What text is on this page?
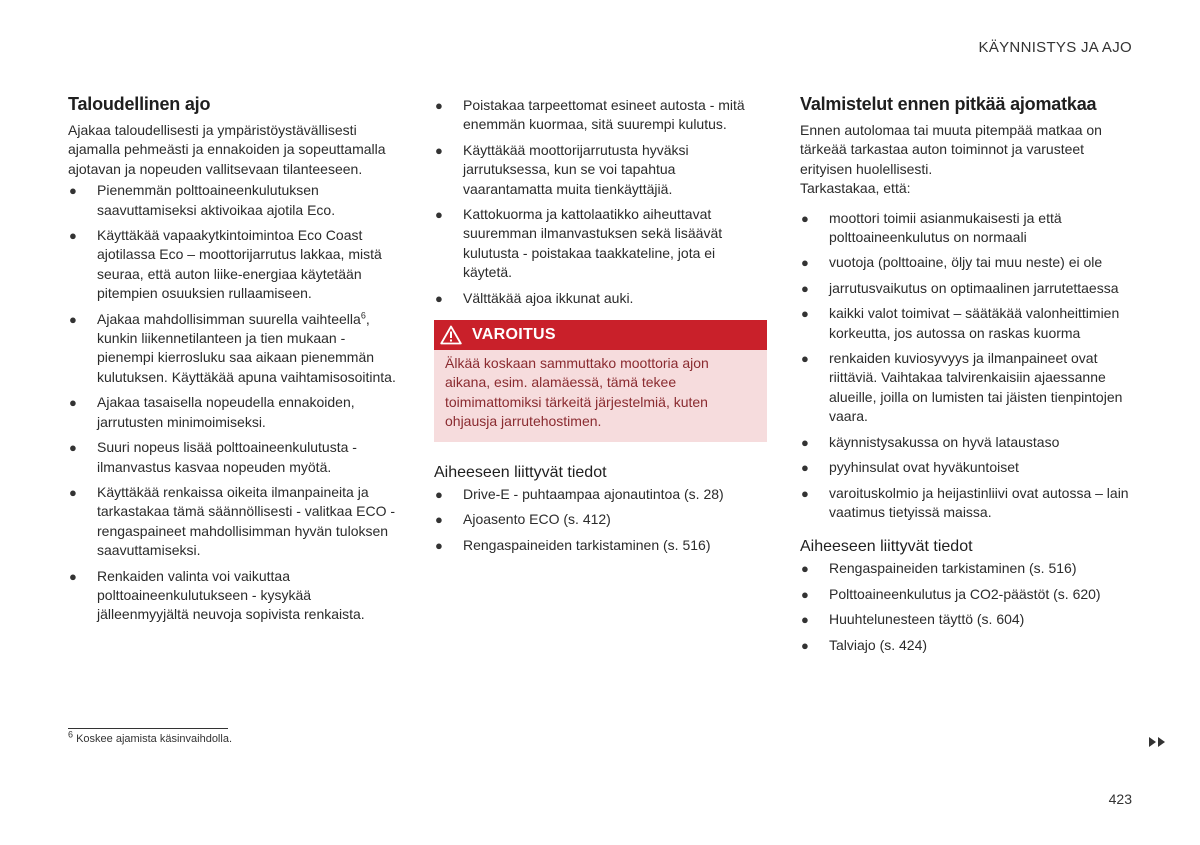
KÄYNNISTYS JA AJO
Taloudellinen ajo

Ajakaa taloudellisesti ja ympäristöystävällisesti ajamalla pehmeästi ja ennakoiden ja sopeuttamalla ajotavan ja nopeuden vallitsevaan tilanteeseen.

● Pienemmän polttoaineenkulutuksen saavuttamiseksi aktivoikaa ajotila Eco.
● Käyttäkää vapaakytkintoimintoa Eco Coast ajotilassa Eco – moottorijarrutus lakkaa, mistä seuraa, että auton liike-energiaa käytetään pitempien osuuksien rullaamiseen.
● Ajakaa mahdollisimman suurella vaihteella$^6$, kunkin liikennetilanteen ja tien mukaan - pienempi kierrosluku saa aikaan pienemmän kulutuksen. Käyttäkää apuna vaihtamisosoitinta.
● Ajakaa tasaisella nopeudella ennakoiden, jarrutusten minimoimiseksi.
● Suuri nopeus lisää polttoaineenkulutusta - ilmanvastus kasvaa nopeuden myötä.
● Käyttäkää renkaissa oikeita ilmanpaineita ja tarkastakaa tämä säännöllisesti - valitkaa ECO -rengaspaineet mahdollisimman hyvän tuloksen saavuttamiseksi.
● Renkaiden valinta voi vaikuttaa polttoaineenkulutukseen - kysykää jälleenmyyjältä neuvoja sopivista renkaista.
● Poistakaa tarpeettomat esineet autosta - mitä enemmän kuormaa, sitä suurempi kulutus.
● Käyttäkää moottorijarrutusta hyväksi jarrutuksessa, kun se voi tapahtua vaarantamatta muita tienkäyttäjiä.
● Kattokuorma ja kattolaatikko aiheuttavat suuremman ilmanvastuksen sekä lisäävät kulutusta - poistakaa taakkateline, jota ei käytetä.
● Välttäkää ajoa ikkunat auki.
VAROITUS
Älkää koskaan sammuttako moottoria ajon aikana, esim. alamäessä, tämä tekee toimimattomiksi tärkeitä järjestelmiä, kuten ohjausja jarrutehostimen.
Aiheeseen liittyvät tiedot
● Drive-E - puhtaampaa ajonautintoa (s. 28)
● Ajoasento ECO (s. 412)
● Rengaspaineiden tarkistaminen (s. 516)
Valmistelut ennen pitkää ajomatkaa

Ennen autolomaa tai muuta pitempää matkaa on tärkeää tarkastaa auton toiminnot ja varusteet erityisen huolellisesti.

Tarkastakaa, että:

● moottori toimii asianmukaisesti ja että polttoaineenkulutus on normaali
● vuotoja (polttoaine, öljy tai muu neste) ei ole
● jarrutusvaikutus on optimaalinen jarrutettaessa
● kaikki valot toimivat – säätäkää valonheittimien korkeutta, jos autossa on raskas kuorma
● renkaiden kuviosyvyys ja ilmanpaineet ovat riittäviä. Vaihtakaa talvirenkaisiin ajaessanne alueille, joilla on lumisten tai jäisten tienpintojen vaara.
● käynnistysakussa on hyvä lataustaso
● pyyhinsulat ovat hyväkuntoiset
● varoituskolmio ja heijastinliivi ovat autossa – lain vaatimus tietyissä maissa.
Aiheeseen liittyvät tiedot
● Rengaspaineiden tarkistaminen (s. 516)
● Polttoaineenkulutus ja CO2-päästöt (s. 620)
● Huuhtelunesteen täyttö (s. 604)
● Talviajo (s. 424)
$^6$ Koskee ajamista käsinvaihdolla.
423
